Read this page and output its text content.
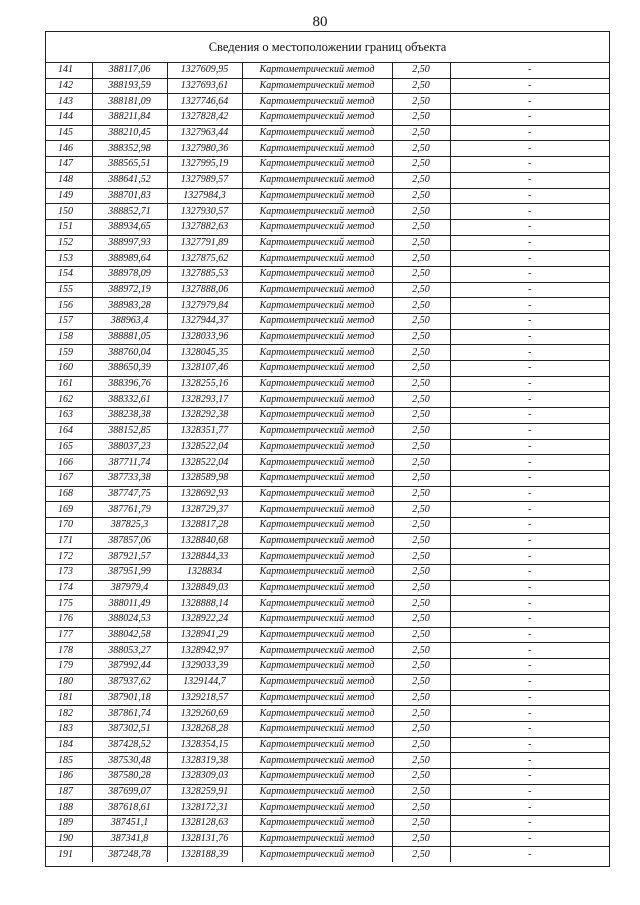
80
Сведения о местоположении границ объекта
141	388117,06	1327609,95	Картометрический метод	2,50	-
142	388193,59	1327693,61	Картометрический метод	2,50	-
143	388181,09	1327746,64	Картометрический метод	2,50	-
144	388211,84	1327828,42	Картометрический метод	2,50	-
145	388210,45	1327963,44	Картометрический метод	2,50	-
146	388352,98	1327980,36	Картометрический метод	2,50	-
147	388565,51	1327995,19	Картометрический метод	2,50	-
148	388641,52	1327989,57	Картометрический метод	2,50	-
149	388701,83	1327984,3	Картометрический метод	2,50	-
150	388852,71	1327930,57	Картометрический метод	2,50	-
151	388934,65	1327882,63	Картометрический метод	2,50	-
152	388997,93	1327791,89	Картометрический метод	2,50	-
153	388989,64	1327875,62	Картометрический метод	2,50	-
154	388978,09	1327885,53	Картометрический метод	2,50	-
155	388972,19	1327888,06	Картометрический метод	2,50	-
156	388983,28	1327979,84	Картометрический метод	2,50	-
157	388963,4	1327944,37	Картометрический метод	2,50	-
158	388881,05	1328033,96	Картометрический метод	2,50	-
159	388760,04	1328045,35	Картометрический метод	2,50	-
160	388650,39	1328107,46	Картометрический метод	2,50	-
161	388396,76	1328255,16	Картометрический метод	2,50	-
162	388332,61	1328293,17	Картометрический метод	2,50	-
163	388238,38	1328292,38	Картометрический метод	2,50	-
164	388152,85	1328351,77	Картометрический метод	2,50	-
165	388037,23	1328522,04	Картометрический метод	2,50	-
166	387711,74	1328522,04	Картометрический метод	2,50	-
167	387733,38	1328589,98	Картометрический метод	2,50	-
168	387747,75	1328692,93	Картометрический метод	2,50	-
169	387761,79	1328729,37	Картометрический метод	2,50	-
170	387825,3	1328817,28	Картометрический метод	2,50	-
171	387857,06	1328840,68	Картометрический метод	2,50	-
172	387921,57	1328844,33	Картометрический метод	2,50	-
173	387951,99	1328834	Картометрический метод	2,50	-
174	387979,4	1328849,03	Картометрический метод	2,50	-
175	388011,49	1328888,14	Картометрический метод	2,50	-
176	388024,53	1328922,24	Картометрический метод	2,50	-
177	388042,58	1328941,29	Картометрический метод	2,50	-
178	388053,27	1328942,97	Картометрический метод	2,50	-
179	387992,44	1329033,39	Картометрический метод	2,50	-
180	387937,62	1329144,7	Картометрический метод	2,50	-
181	387901,18	1329218,57	Картометрический метод	2,50	-
182	387861,74	1329260,69	Картометрический метод	2,50	-
183	387302,51	1328268,28	Картометрический метод	2,50	-
184	387428,52	1328354,15	Картометрический метод	2,50	-
185	387530,48	1328319,38	Картометрический метод	2,50	-
186	387580,28	1328309,03	Картометрический метод	2,50	-
187	387699,07	1328259,91	Картометрический метод	2,50	-
188	387618,61	1328172,31	Картометрический метод	2,50	-
189	387451,1	1328128,63	Картометрический метод	2,50	-
190	387341,8	1328131,76	Картометрический метод	2,50	-
191	387248,78	1328188,39	Картометрический метод	2,50	-
